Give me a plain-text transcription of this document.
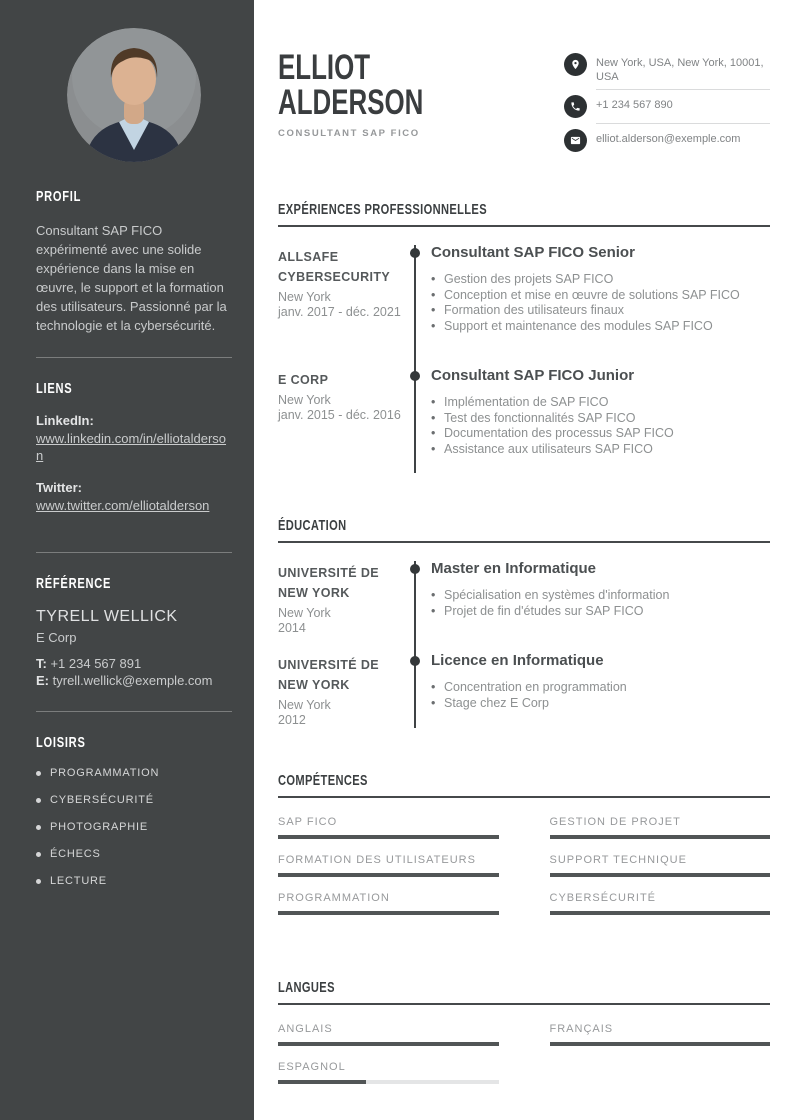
PROFIL

Consultant SAP FICO expérimenté avec une solide expérience dans la mise en œuvre, le support et la formation des utilisateurs. Passionné par la technologie et la cybersécurité.

LIENS
LinkedIn:
www.linkedin.com/in/elliotalderson
Twitter:
www.twitter.com/elliotalderson
RÉFÉRENCE
TYRELL WELLICK
E Corp
T: +1 234 567 891
E: tyrell.wellick@exemple.com
LOISIRS
PROGRAMMATION
CYBERSÉCURITÉ
PHOTOGRAPHIE
ÉCHECS
LECTURE
ELLIOT
ALDERSON
CONSULTANT SAP FICO
New York, USA, New York, 10001, USA
+1 234 567 890
elliot.alderson@exemple.com
EXPÉRIENCES PROFESSIONNELLES
ALLSAFE CYBERSECURITY
New York
janv. 2017 - déc. 2021
Consultant SAP FICO Senior
• Gestion des projets SAP FICO
• Conception et mise en œuvre de solutions SAP FICO
• Formation des utilisateurs finaux
• Support et maintenance des modules SAP FICO
E CORP
New York
janv. 2015 - déc. 2016
Consultant SAP FICO Junior
• Implémentation de SAP FICO
• Test des fonctionnalités SAP FICO
• Documentation des processus SAP FICO
• Assistance aux utilisateurs SAP FICO
ÉDUCATION
UNIVERSITÉ DE NEW YORK
New York
2014
Master en Informatique
• Spécialisation en systèmes d'information
• Projet de fin d'études sur SAP FICO
UNIVERSITÉ DE NEW YORK
New York
2012
Licence en Informatique
• Concentration en programmation
• Stage chez E Corp
COMPÉTENCES
SAP FICO	GESTION DE PROJET
FORMATION DES UTILISATEURS	SUPPORT TECHNIQUE
PROGRAMMATION	CYBERSÉCURITÉ
LANGUES
ANGLAIS	FRANÇAIS
ESPAGNOL
